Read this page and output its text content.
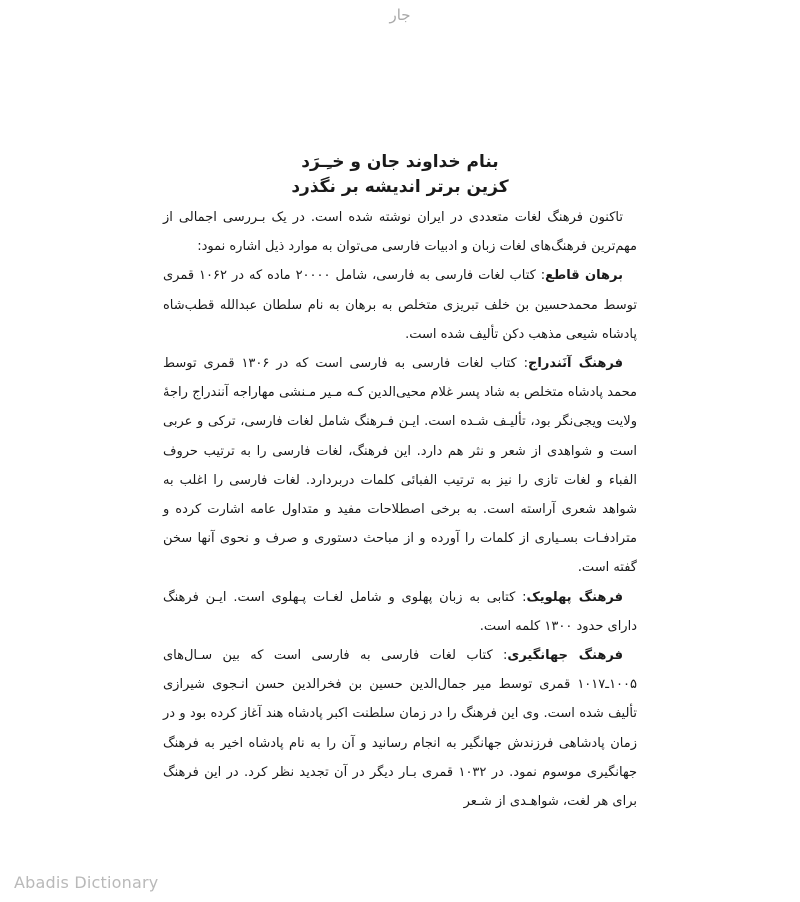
جار
بنام خداوند جان و خـِـرَد
کزین برتر اندیشه بر نگذرد

تاکنون فرهنگ لغات متعددی در ایران نوشته شده است. در یک بـررسی اجمالی از مهم‌ترین فرهنگ‌های لغات زبان و ادبیات فارسی می‌توان به موارد ذیل اشاره نمود:

برهان قاطع: کتاب لغات فارسی به فارسی، شامل ۲۰۰۰۰ ماده که در ۱۰۶۲ قمری توسط محمدحسین بن خلف تبریزی متخلص به برهان به نام سلطان عبدالله قطب‌شاه پادشاه شیعی مذهب دکن تألیف شده است.

فرهنگ آنَندراج: کتاب لغات فارسی به فارسی است که در ۱۳۰۶ قمری توسط محمد پادشاه متخلص به شاد پسر غلام محیی‌الدین کـه مـیر مـنشی مهاراجه آنندراج راجهٔ ولایت ویجی‌نگر بود، تألیـف شـده است. ایـن فـرهنگ شامل لغات فارسی، ترکی و عربی است و شواهدی از شعر و نثر هم دارد. این فرهنگ، لغات فارسی را به ترتیب حروف الفباء و لغات تازی را نیز به ترتیب الفبائی کلمات دربردارد. لغات فارسی را اغلب به شواهد شعری آراسته است. به برخی اصطلاحات مفید و متداول عامه اشارت کرده و مترادفـات بسـیاری از کلمات را آورده و از مباحث دستوری و صرف و نحوی آنها سخن گفته است.

فرهنگ پهلویک: کتابی به زبان پهلوی و شامل لغـات پـهلوی است. ایـن فرهنگ دارای حدود ۱۳۰۰ کلمه است.

فرهنگ جهانگیری: کتاب لغات فارسی به فارسی است که بین سـال‌های ۱۰۰۵ـ۱۰۱۷ قمری توسط میر جمال‌الدین حسین بن فخرالدین حسن انـجوی شیرازی تألیف شده است. وی این فرهنگ را در زمان سلطنت اکبر پادشاه هند آغاز کرده بود و در زمان پادشاهی فرزندش جهانگیر به انجام رسانید و آن را به نام پادشاه اخیر به فرهنگ جهانگیری موسوم نمود. در ۱۰۳۲ قمری بـار دیگر در آن تجدید نظر کرد. در این فرهنگ برای هر لغت، شواهـدی از شـعر

Abadis Dictionary
